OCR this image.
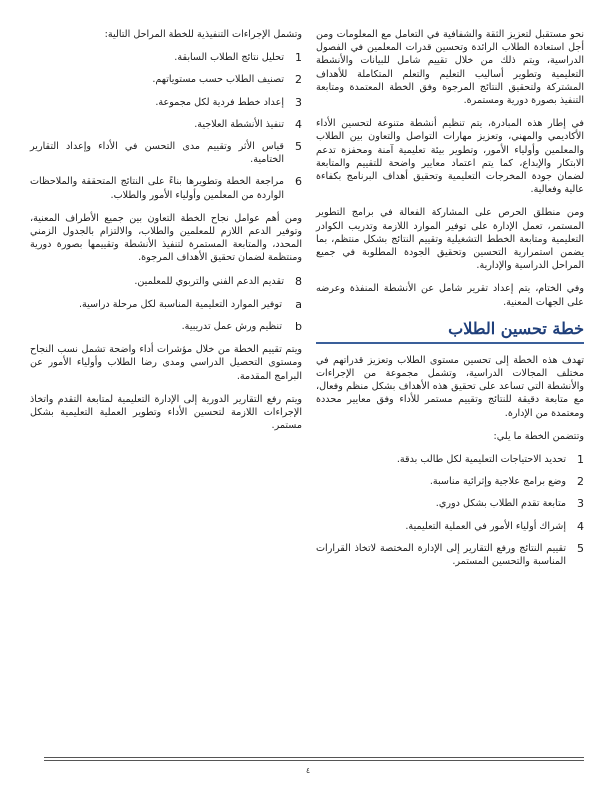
نحو مستقبل لتعزيز الثقة والشفافية في التعامل مع المعلومات ومن أجل استعادة الطلاب الرائدة وتحسين قدرات المعلمين في الفصول الدراسية، ويتم ذلك من خلال تقييم شامل للبيانات والأنشطة التعليمية وتطوير أساليب التعليم والتعلم المتكاملة للأهداف المشتركة ولتحقيق النتائج المرجوة وفق الخطة المعتمدة ومتابعة التنفيذ بصورة دورية ومستمرة.

في إطار هذه المبادرة، يتم تنظيم أنشطة متنوعة لتحسين الأداء الأكاديمي والمهني، وتعزيز مهارات التواصل والتعاون بين الطلاب والمعلمين وأولياء الأمور، وتطوير بيئة تعليمية آمنة ومحفزة تدعم الابتكار والإبداع، كما يتم اعتماد معايير واضحة للتقييم والمتابعة لضمان جودة المخرجات التعليمية وتحقيق أهداف البرنامج بكفاءة عالية وفعالية.

ومن منطلق الحرص على المشاركة الفعالة في برامج التطوير المستمر، تعمل الإدارة على توفير الموارد اللازمة وتدريب الكوادر التعليمية ومتابعة الخطط التشغيلية وتقييم النتائج بشكل منتظم، بما يضمن استمرارية التحسين وتحقيق الجودة المطلوبة في جميع المراحل الدراسية والإدارية.

وفي الختام، يتم إعداد تقرير شامل عن الأنشطة المنفذة وعرضه على الجهات المعنية.

خطة تحسين الطلاب

تهدف هذه الخطة إلى تحسين مستوى الطلاب وتعزيز قدراتهم في مختلف المجالات الدراسية، وتشمل مجموعة من الإجراءات والأنشطة التي تساعد على تحقيق هذه الأهداف بشكل منظم وفعال، مع متابعة دقيقة للنتائج وتقييم مستمر للأداء وفق معايير محددة ومعتمدة من الإدارة.

وتتضمن الخطة ما يلي:

1
تحديد الاحتياجات التعليمية لكل طالب بدقة.
2
وضع برامج علاجية وإثرائية مناسبة.
3
متابعة تقدم الطلاب بشكل دوري.
4
إشراك أولياء الأمور في العملية التعليمية.
5
تقييم النتائج ورفع التقارير إلى الإدارة المختصة لاتخاذ القرارات المناسبة والتحسين المستمر.

وتشمل الإجراءات التنفيذية للخطة المراحل التالية:

1
تحليل نتائج الطلاب السابقة.
2
تصنيف الطلاب حسب مستوياتهم.
3
إعداد خطط فردية لكل مجموعة.
4
تنفيذ الأنشطة العلاجية.
5
قياس الأثر وتقييم مدى التحسن في الأداء وإعداد التقارير الختامية.
6
مراجعة الخطة وتطويرها بناءً على النتائج المتحققة والملاحظات الواردة من المعلمين وأولياء الأمور والطلاب.

ومن أهم عوامل نجاح الخطة التعاون بين جميع الأطراف المعنية، وتوفير الدعم اللازم للمعلمين والطلاب، والالتزام بالجدول الزمني المحدد، والمتابعة المستمرة لتنفيذ الأنشطة وتقييمها بصورة دورية ومنتظمة لضمان تحقيق الأهداف المرجوة.

8
تقديم الدعم الفني والتربوي للمعلمين.
a
توفير الموارد التعليمية المناسبة لكل مرحلة دراسية.
b
تنظيم ورش عمل تدريبية.

ويتم تقييم الخطة من خلال مؤشرات أداء واضحة تشمل نسب النجاح ومستوى التحصيل الدراسي ومدى رضا الطلاب وأولياء الأمور عن البرامج المقدمة.

ويتم رفع التقارير الدورية إلى الإدارة التعليمية لمتابعة التقدم واتخاذ الإجراءات اللازمة لتحسين الأداء وتطوير العملية التعليمية بشكل مستمر.

٤
